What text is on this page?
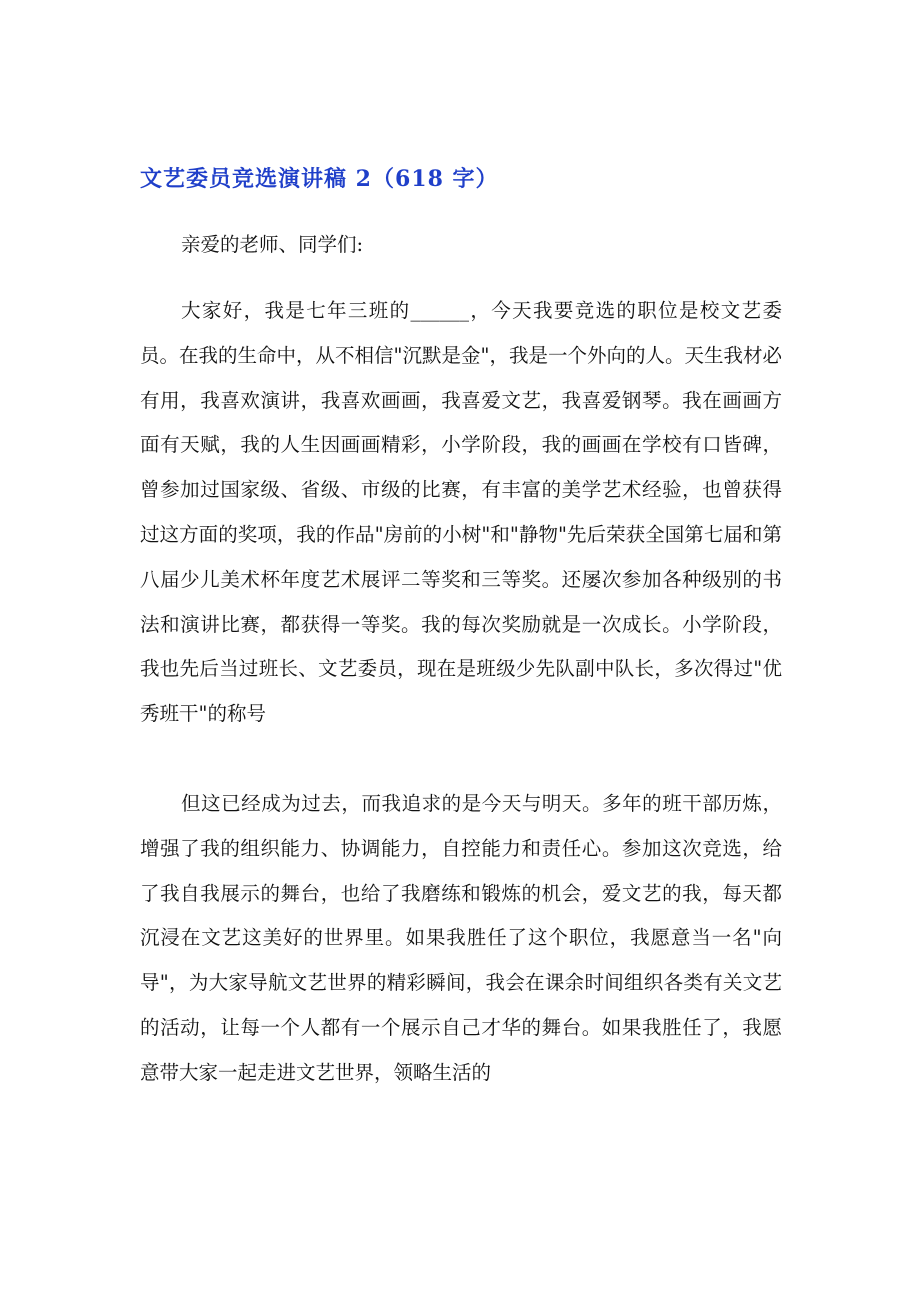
文艺委员竞选演讲稿 2（618 字）

亲爱的老师、同学们:

大家好，我是七年三班的______，今天我要竞选的职位是校文艺委员。在我的生命中，从不相信"沉默是金"，我是一个外向的人。天生我材必有用，我喜欢演讲，我喜欢画画，我喜爱文艺，我喜爱钢琴。我在画画方面有天赋，我的人生因画画精彩，小学阶段，我的画画在学校有口皆碑，曾参加过国家级、省级、市级的比赛，有丰富的美学艺术经验，也曾获得过这方面的奖项，我的作品"房前的小树"和"静物"先后荣获全国第七届和第八届少儿美术杯年度艺术展评二等奖和三等奖。还屡次参加各种级别的书法和演讲比赛，都获得一等奖。我的每次奖励就是一次成长。小学阶段，我也先后当过班长、文艺委员，现在是班级少先队副中队长，多次得过"优秀班干"的称号

但这已经成为过去，而我追求的是今天与明天。多年的班干部历炼，增强了我的组织能力、协调能力，自控能力和责任心。参加这次竞选，给了我自我展示的舞台，也给了我磨练和锻炼的机会，爱文艺的我，每天都沉浸在文艺这美好的世界里。如果我胜任了这个职位，我愿意当一名"向导"，为大家导航文艺世界的精彩瞬间，我会在课余时间组织各类有关文艺的活动，让每一个人都有一个展示自己才华的舞台。如果我胜任了，我愿意带大家一起走进文艺世界，领略生活的
